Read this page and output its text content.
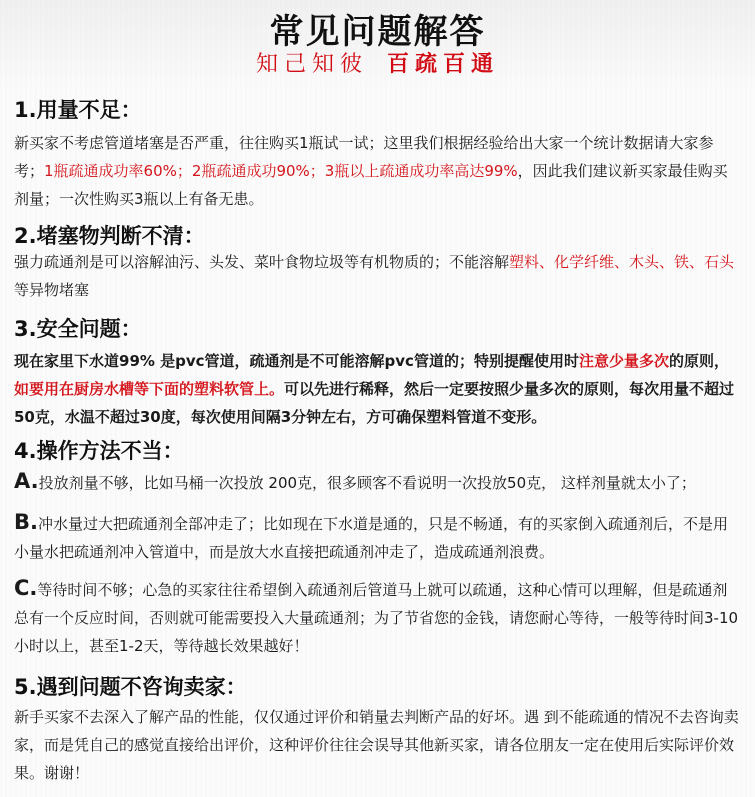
常见问题解答
知己知彼 百疏百通
1.用量不足：
新买家不考虑管道堵塞是否严重，往往购买1瓶试一试；这里我们根据经验给出大家一个统计数据请大家参考；1瓶疏通成功率60%；2瓶疏通成功90%；3瓶以上疏通成功率高达99%，因此我们建议新买家最佳购买剂量；一次性购买3瓶以上有备无患。
2.堵塞物判断不清：
强力疏通剂是可以溶解油污、头发、菜叶食物垃圾等有机物质的；不能溶解塑料、化学纤维、木头、铁、石头等异物堵塞
3.安全问题：
现在家里下水道99% 是pvc管道，疏通剂是不可能溶解pvc管道的；特别提醒使用时注意少量多次的原则，如要用在厨房水槽等下面的塑料软管上。可以先进行稀释，然后一定要按照少量多次的原则，每次用量不超过50克，水温不超过30度，每次使用间隔3分钟左右，方可确保塑料管道不变形。
4.操作方法不当：
A.投放剂量不够，比如马桶一次投放 200克，很多顾客不看说明一次投放50克， 这样剂量就太小了；
B.冲水量过大把疏通剂全部冲走了；比如现在下水道是通的，只是不畅通，有的买家倒入疏通剂后，不是用小量水把疏通剂冲入管道中，而是放大水直接把疏通剂冲走了，造成疏通剂浪费。
C.等待时间不够；心急的买家往往希望倒入疏通剂后管道马上就可以疏通，这种心情可以理解，但是疏通剂总有一个反应时间，否则就可能需要投入大量疏通剂；为了节省您的金钱，请您耐心等待，一般等待时间3-10小时以上，甚至1-2天，等待越长效果越好！
5.遇到问题不咨询卖家：
新手买家不去深入了解产品的性能，仅仅通过评价和销量去判断产品的好坏。遇 到不能疏通的情况不去咨询卖家，而是凭自己的感觉直接给出评价，这种评价往往会误导其他新买家，请各位朋友一定在使用后实际评价效果。谢谢！
